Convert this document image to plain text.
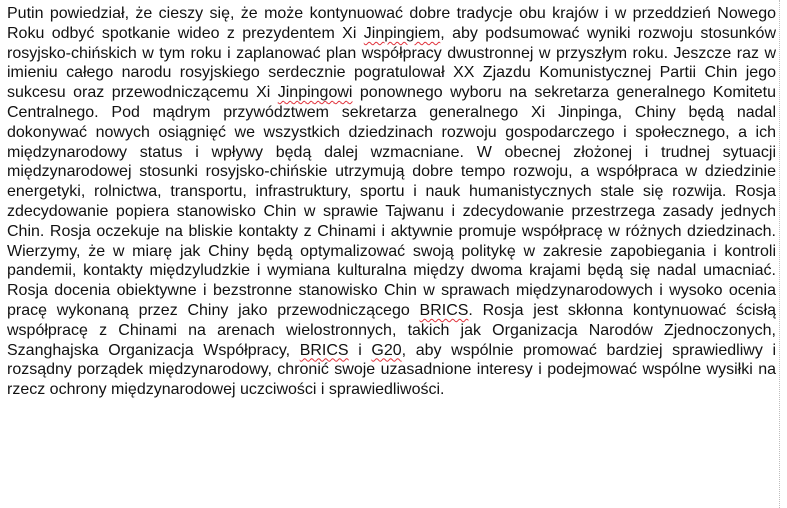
Putin powiedział, że cieszy się, że może kontynuować dobre tradycje obu krajów i w przeddzień Nowego Roku odbyć spotkanie wideo z prezydentem Xi Jinpingiem, aby podsumować wyniki rozwoju stosunków rosyjsko-chińskich w tym roku i zaplanować plan współpracy dwustronnej w przyszłym roku. Jeszcze raz w imieniu całego narodu rosyjskiego serdecznie pogratulował XX Zjazdu Komunistycznej Partii Chin jego sukcesu oraz przewodniczącemu Xi Jinpingowi ponownego wyboru na sekretarza generalnego Komitetu Centralnego. Pod mądrym przywództwem sekretarza generalnego Xi Jinpinga, Chiny będą nadal dokonywać nowych osiągnięć we wszystkich dziedzinach rozwoju gospodarczego i społecznego, a ich międzynarodowy status i wpływy będą dalej wzmacniane. W obecnej złożonej i trudnej sytuacji międzynarodowej stosunki rosyjsko-chińskie utrzymują dobre tempo rozwoju, a współpraca w dziedzinie energetyki, rolnictwa, transportu, infrastruktury, sportu i nauk humanistycznych stale się rozwija. Rosja zdecydowanie popiera stanowisko Chin w sprawie Tajwanu i zdecydowanie przestrzega zasady jednych Chin. Rosja oczekuje na bliskie kontakty z Chinami i aktywnie promuje współpracę w różnych dziedzinach. Wierzymy, że w miarę jak Chiny będą optymalizować swoją politykę w zakresie zapobiegania i kontroli pandemii, kontakty międzyludzkie i wymiana kulturalna między dwoma krajami będą się nadal umacniać. Rosja docenia obiektywne i bezstronne stanowisko Chin w sprawach międzynarodowych i wysoko ocenia pracę wykonaną przez Chiny jako przewodniczącego BRICS. Rosja jest skłonna kontynuować ścisłą współpracę z Chinami na arenach wielostronnych, takich jak Organizacja Narodów Zjednoczonych, Szanghajska Organizacja Współpracy, BRICS i G20, aby wspólnie promować bardziej sprawiedliwy i rozsądny porządek międzynarodowy, chronić swoje uzasadnione interesy i podejmować wspólne wysiłki na rzecz ochrony międzynarodowej uczciwości i sprawiedliwości.
